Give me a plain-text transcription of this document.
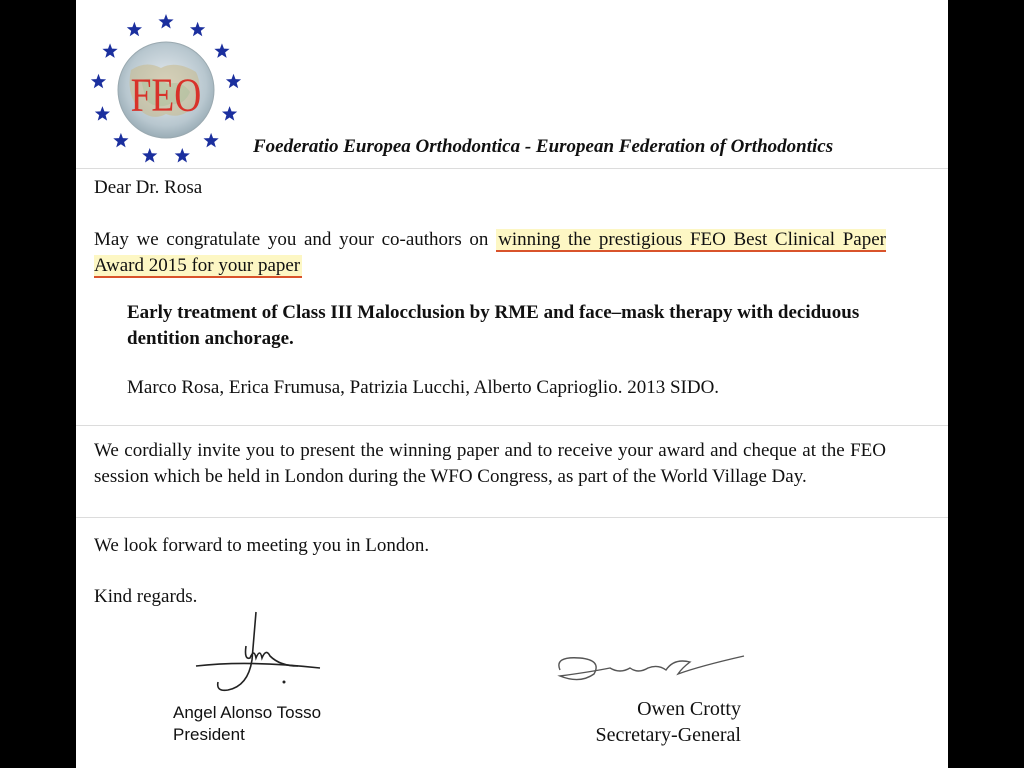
FEO
Foederatio Europea Orthodontica - European Federation of Orthodontics
Dear Dr. Rosa
May we congratulate you and your co-authors on winning the prestigious FEO Best Clinical Paper Award 2015 for your paper
Early treatment of Class III Malocclusion by RME and face–mask therapy with deciduous dentition anchorage.
Marco Rosa, Erica Frumusa, Patrizia Lucchi, Alberto Caprioglio. 2013 SIDO.
We cordially invite you to present the winning paper and to receive your award and cheque at the FEO session which be held in London during the WFO Congress, as part of the World Village Day.
We look forward to meeting you in London.
Kind regards.
Angel Alonso Tosso
President
Owen Crotty
Secretary-General
